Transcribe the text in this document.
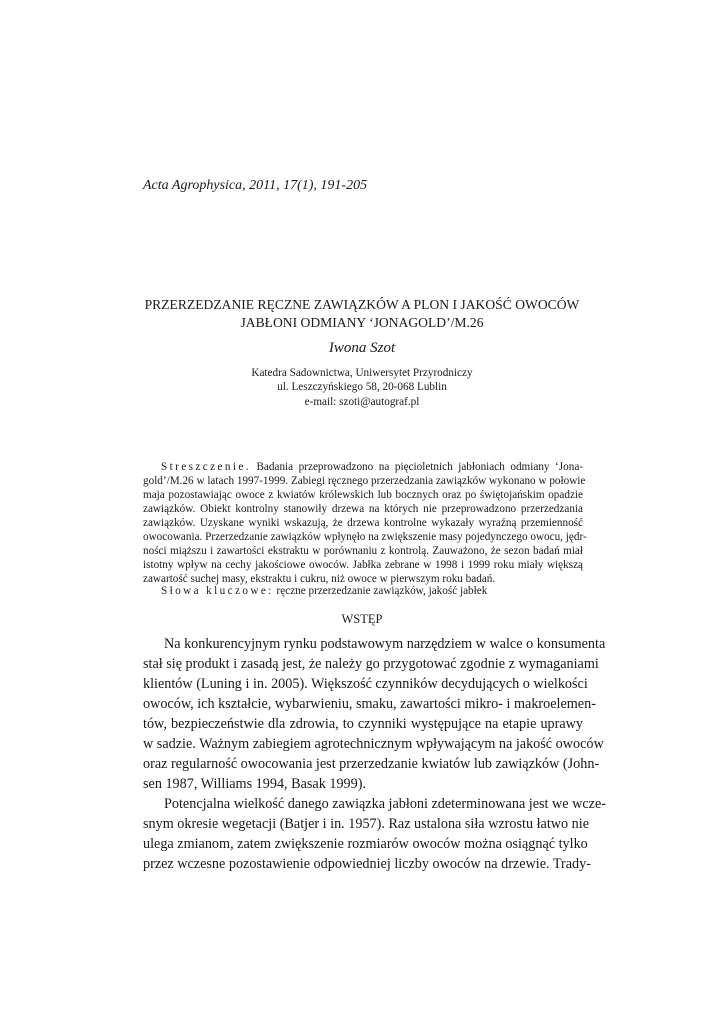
Acta Agrophysica, 2011, 17(1), 191-205
PRZERZEDZANIE RĘCZNE ZAWIĄZKÓW A PLON I JAKOŚĆ OWOCÓW
JABŁONI ODMIANY ‘JONAGOLD’/M.26
Iwona Szot
Katedra Sadownictwa, Uniwersytet Przyrodniczy
ul. Leszczyńskiego 58, 20-068 Lublin
e-mail: szoti@autograf.pl
Streszczenie. Badania przeprowadzono na pięcioletnich jabłoniach odmiany ‘Jona-
gold’/M.26 w latach 1997-1999. Zabiegi ręcznego przerzedzania zawiązków wykonano w połowie
maja pozostawiając owoce z kwiatów królewskich lub bocznych oraz po świętojańskim opadzie
zawiązków. Obiekt kontrolny stanowiły drzewa na których nie przeprowadzono przerzedzania
zawiązków. Uzyskane wyniki wskazują, że drzewa kontrolne wykazały wyraźną przemienność
owocowania. Przerzedzanie zawiązków wpłynęło na zwiększenie masy pojedynczego owocu, jędr-
ności miąższu i zawartości ekstraktu w porównaniu z kontrolą. Zauważono, że sezon badań miał
istotny wpływ na cechy jakościowe owoców. Jabłka zebrane w 1998 i 1999 roku miały większą
zawartość suchej masy, ekstraktu i cukru, niż owoce w pierwszym roku badań.
Słowa kluczowe: ręczne przerzedzanie zawiązków, jakość jabłek
WSTĘP
Na konkurencyjnym rynku podstawowym narzędziem w walce o konsumenta
stał się produkt i zasadą jest, że należy go przygotować zgodnie z wymaganiami
klientów (Luning i in. 2005). Większość czynników decydujących o wielkości
owoców, ich kształcie, wybarwieniu, smaku, zawartości mikro- i makroelemen-
tów, bezpieczeństwie dla zdrowia, to czynniki występujące na etapie uprawy
w sadzie. Ważnym zabiegiem agrotechnicznym wpływającym na jakość owoców
oraz regularność owocowania jest przerzedzanie kwiatów lub zawiązków (John-
sen 1987, Williams 1994, Basak 1999).
Potencjalna wielkość danego zawiązka jabłoni zdeterminowana jest we wcze-
snym okresie wegetacji (Batjer i in. 1957). Raz ustalona siła wzrostu łatwo nie
ulega zmianom, zatem zwiększenie rozmiarów owoców można osiągnąć tylko
przez wczesne pozostawienie odpowiedniej liczby owoców na drzewie. Trady-
